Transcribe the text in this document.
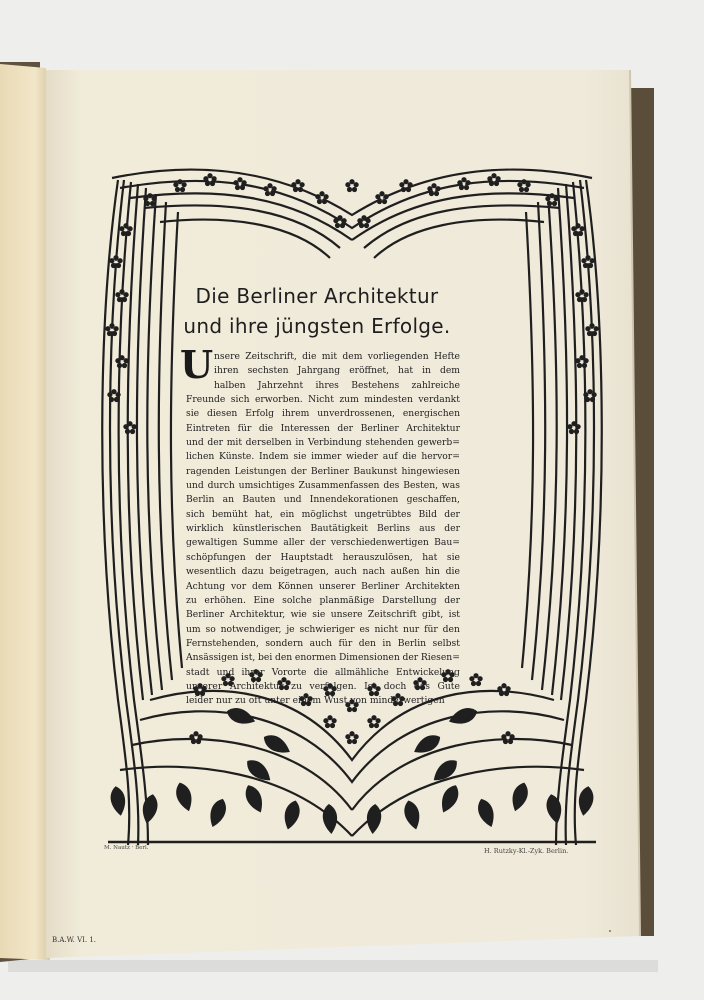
Die Berliner Architektur
und ihre jüngsten Erfolge.
U nsere Zeitschrift, die mit dem vorliegenden Hefte
ihren sechsten Jahrgang eröffnet, hat in dem
halben Jahrzehnt ihres Bestehens zahlreiche
Freunde sich erworben. Nicht zum mindesten verdankt
sie diesen Erfolg ihrem unverdrossenen, energischen
Eintreten für die Interessen der Berliner Architektur
und der mit derselben in Verbindung stehenden gewerb=
lichen Künste. Indem sie immer wieder auf die hervor=
ragenden Leistungen der Berliner Baukunst hingewiesen
und durch umsichtiges Zusammenfassen des Besten, was
Berlin an Bauten und Innendekorationen geschaffen,
sich bemüht hat, ein möglichst ungetrübtes Bild der
wirklich künstlerischen Bautätigkeit Berlins aus der
gewaltigen Summe aller der verschiedenwertigen Bau=
schöpfungen der Hauptstadt herauszulösen, hat sie
wesentlich dazu beigetragen, auch nach außen hin die
Achtung vor dem Können unserer Berliner Architekten
zu erhöhen. Eine solche planmäßige Darstellung der
Berliner Architektur, wie sie unsere Zeitschrift gibt, ist
um so notwendiger, je schwieriger es nicht nur für den
Fernstehenden, sondern auch für den in Berlin selbst
Ansässigen ist, bei den enormen Dimensionen der Riesen=
stadt und ihrer Vororte die allmähliche Entwickelung
unserer Architektur zu verfolgen. Ist doch das Gute
leider nur zu oft unter einem Wust von minderwertigen
M. Nautz · Berl.	H. Rutzky-Kl.-Zyk. Berlin.
B.A.W. VI. 1.
